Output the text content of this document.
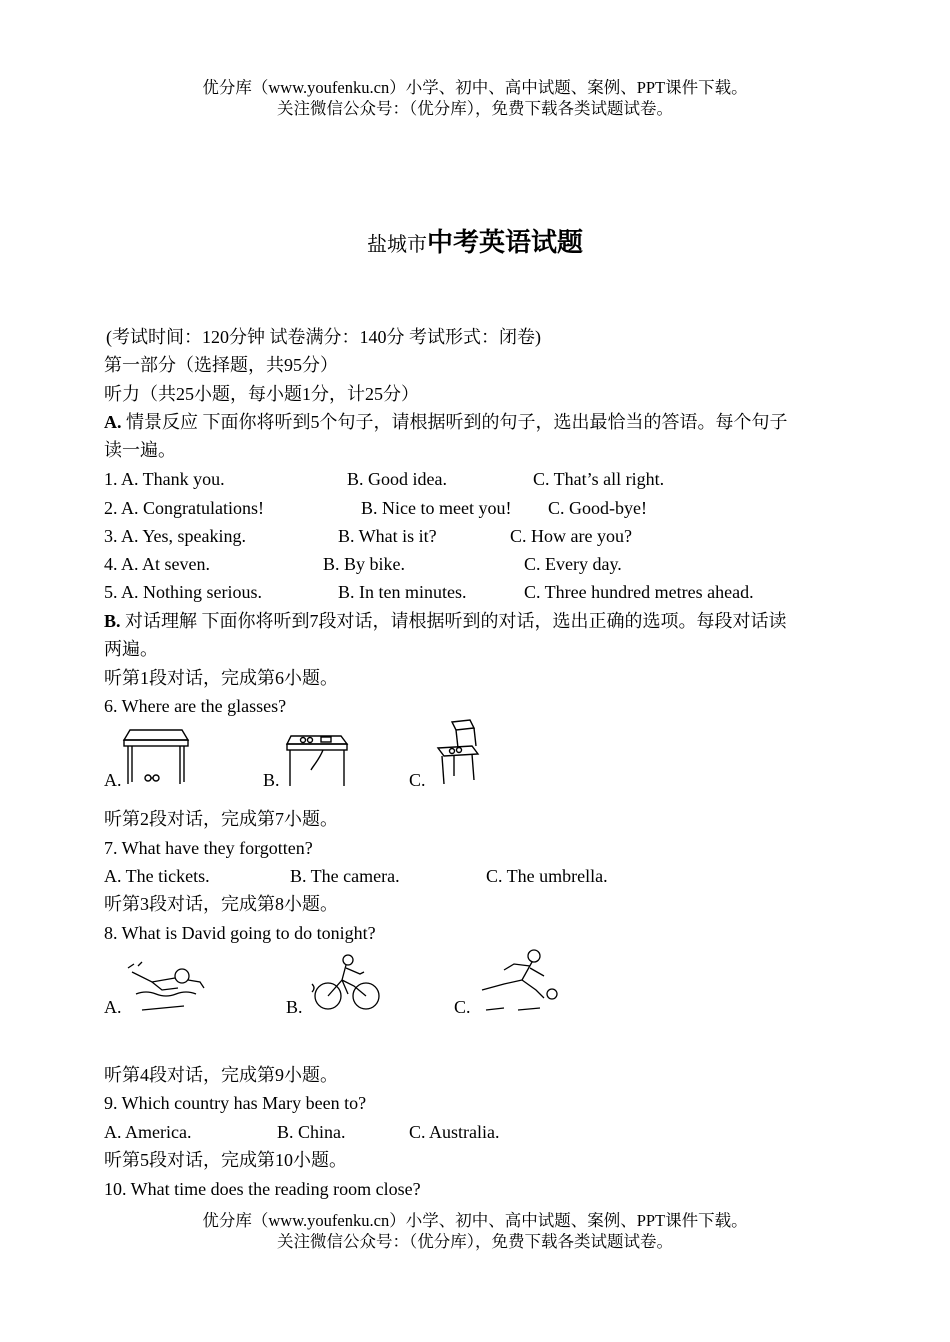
优分库（www.youfenku.cn）小学、初中、高中试题、案例、PPT课件下载。
关注微信公众号：（优分库），免费下载各类试题试卷。
盐城市中考英语试题
(考试时间：120分钟 试卷满分：140分 考试形式：闭卷)
第一部分（选择题，共95分）
听力（共25小题，每小题1分，计25分）
A. 情景反应 下面你将听到5个句子，请根据听到的句子，选出最恰当的答语。每个句子
读一遍。
1. A. Thank you.	B. Good idea.	C. That’s all right.
2. A. Congratulations!	B. Nice to meet you! C. Good-bye!
3. A. Yes, speaking.	B. What is it?	C. How are you?
4. A. At seven.	B. By bike.	C. Every day.
5. A. Nothing serious.	B. In ten minutes.	C. Three hundred metres ahead.
B. 对话理解 下面你将听到7段对话，请根据听到的对话，选出正确的选项。每段对话读
两遍。
听第1段对话，完成第6小题。
6. Where are the glasses?
A.	B.	C.
听第2段对话，完成第7小题。
7. What have they forgotten?
A. The tickets.	B. The camera.	C. The umbrella.
听第3段对话，完成第8小题。
8. What is David going to do tonight?
A.	B.	C.
听第4段对话，完成第9小题。
9. Which country has Mary been to?
A. America.	B. China.	C. Australia.
听第5段对话，完成第10小题。
10. What time does the reading room close?
优分库（www.youfenku.cn）小学、初中、高中试题、案例、PPT课件下载。
关注微信公众号：（优分库），免费下载各类试题试卷。
